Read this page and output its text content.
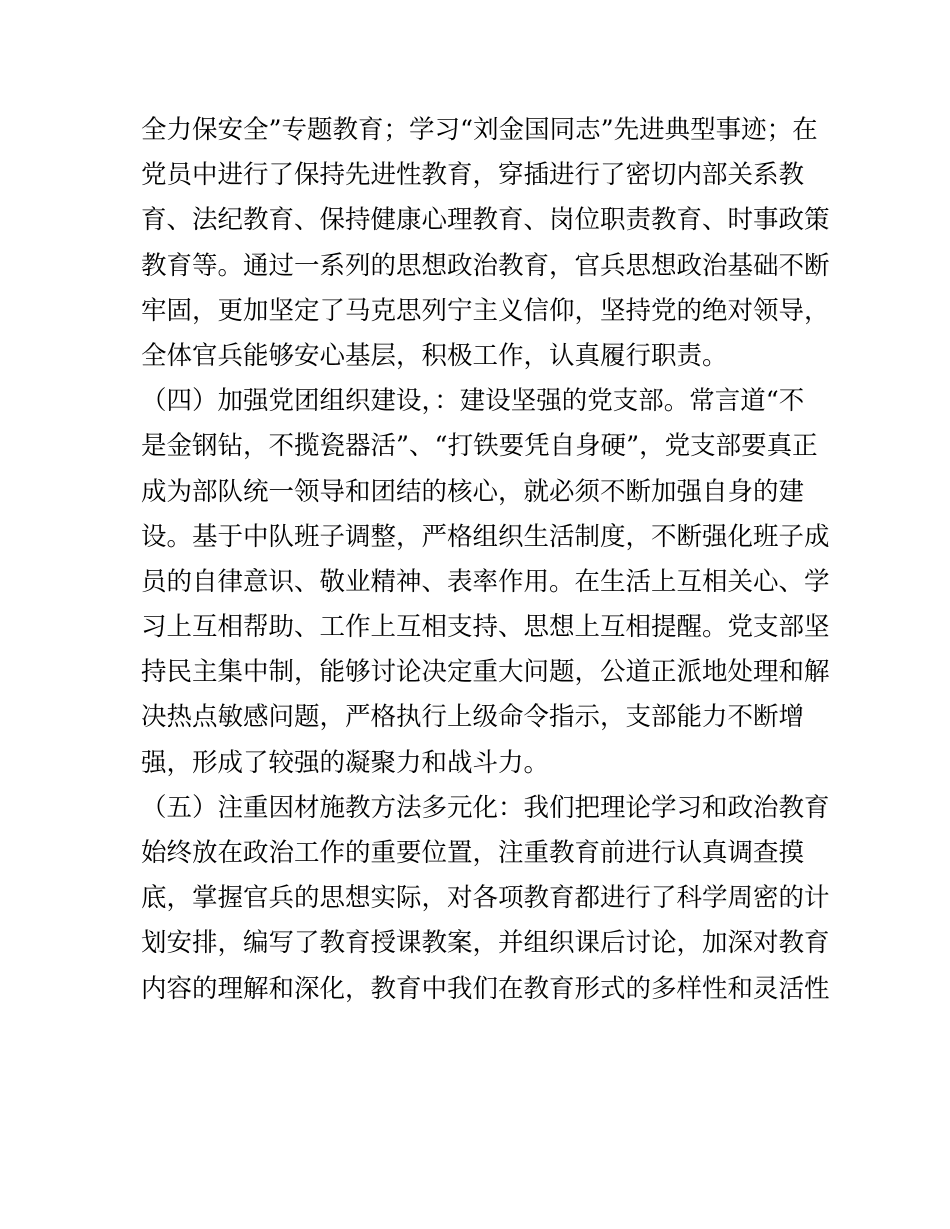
全力保安全”专题教育；学习“刘金国同志”先进典型事迹；在
党员中进行了保持先进性教育，穿插进行了密切内部关系教
育、法纪教育、保持健康心理教育、岗位职责教育、时事政策
教育等。通过一系列的思想政治教育，官兵思想政治基础不断
牢固，更加坚定了马克思列宁主义信仰，坚持党的绝对领导，
全体官兵能够安心基层，积极工作，认真履行职责。
（四）加强党团组织建设，：建设坚强的党支部。常言道“不
是金钢钻，不揽瓷器活”、“打铁要凭自身硬”，党支部要真正
成为部队统一领导和团结的核心，就必须不断加强自身的建
设。基于中队班子调整，严格组织生活制度，不断强化班子成
员的自律意识、敬业精神、表率作用。在生活上互相关心、学
习上互相帮助、工作上互相支持、思想上互相提醒。党支部坚
持民主集中制，能够讨论决定重大问题，公道正派地处理和解
决热点敏感问题，严格执行上级命令指示，支部能力不断增
强，形成了较强的凝聚力和战斗力。
（五）注重因材施教方法多元化：我们把理论学习和政治教育
始终放在政治工作的重要位置，注重教育前进行认真调查摸
底，掌握官兵的思想实际，对各项教育都进行了科学周密的计
划安排，编写了教育授课教案，并组织课后讨论，加深对教育
内容的理解和深化，教育中我们在教育形式的多样性和灵活性
